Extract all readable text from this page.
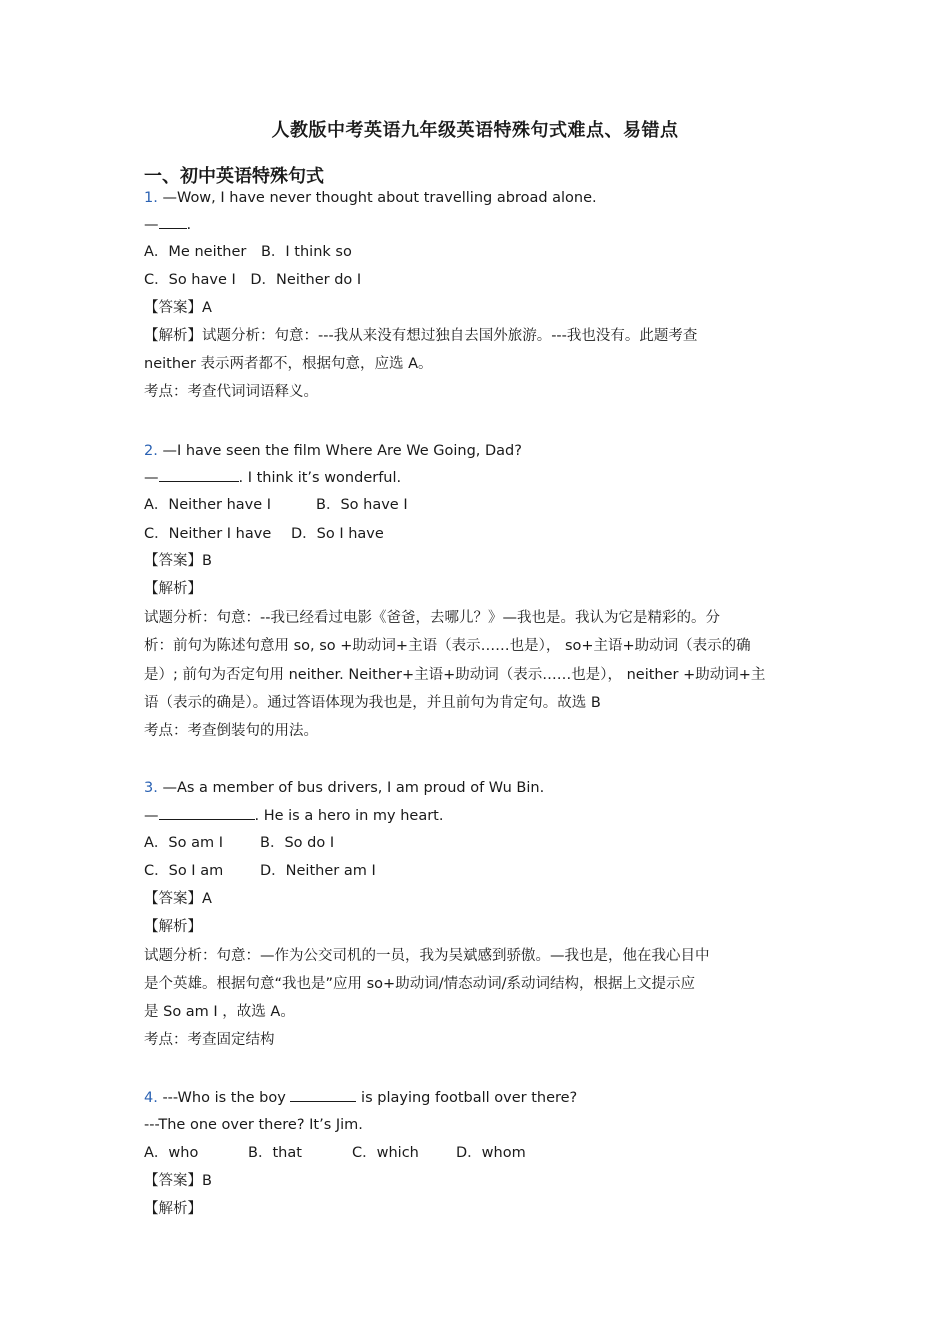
人教版中考英语九年级英语特殊句式难点、易错点
一、初中英语特殊句式
1. —Wow, I have never thought about travelling abroad alone.
— .
A．Me neither B．I think so
C．So have I D．Neither do I
【答案】A
【解析】试题分析：句意：---我从来没有想过独自去国外旅游。---我也没有。此题考查
neither 表示两者都不，根据句意，应选 A。
考点：考查代词词语释义。
2. —I have seen the film Where Are We Going, Dad?
—	. I think it’s wonderful.
A．Neither have I	B．So have I
C．Neither I have D．So I have
【答案】B
【解析】
试题分析：句意：--我已经看过电影《爸爸，去哪儿？》—我也是。我认为它是精彩的。分
析：前句为陈述句意用 so, so +助动词+主语（表示……也是）， so+主语+助动词（表示的确
是）; 前句为否定句用 neither. Neither+主语+助动词（表示……也是）， neither +助动词+主
语（表示的确是）。通过答语体现为我也是，并且前句为肯定句。故选 B
考点：考查倒装句的用法。
3. —As a member of bus drivers, I am proud of Wu Bin.
—	. He is a hero in my heart.
A．So am I	B．So do I
C．So I am	D．Neither am I
【答案】A
【解析】
试题分析：句意：—作为公交司机的一员，我为吴斌感到骄傲。—我也是，他在我心目中
是个英雄。根据句意“我也是”应用 so+助动词/情态动词/系动词结构，根据上文提示应
是 So am I ，故选 A。
考点：考查固定结构
4. ---Who is the boy	is playing football over there?
---The one over there? It’s Jim.
A．who	B．that	C．which	D．whom
【答案】B
【解析】
